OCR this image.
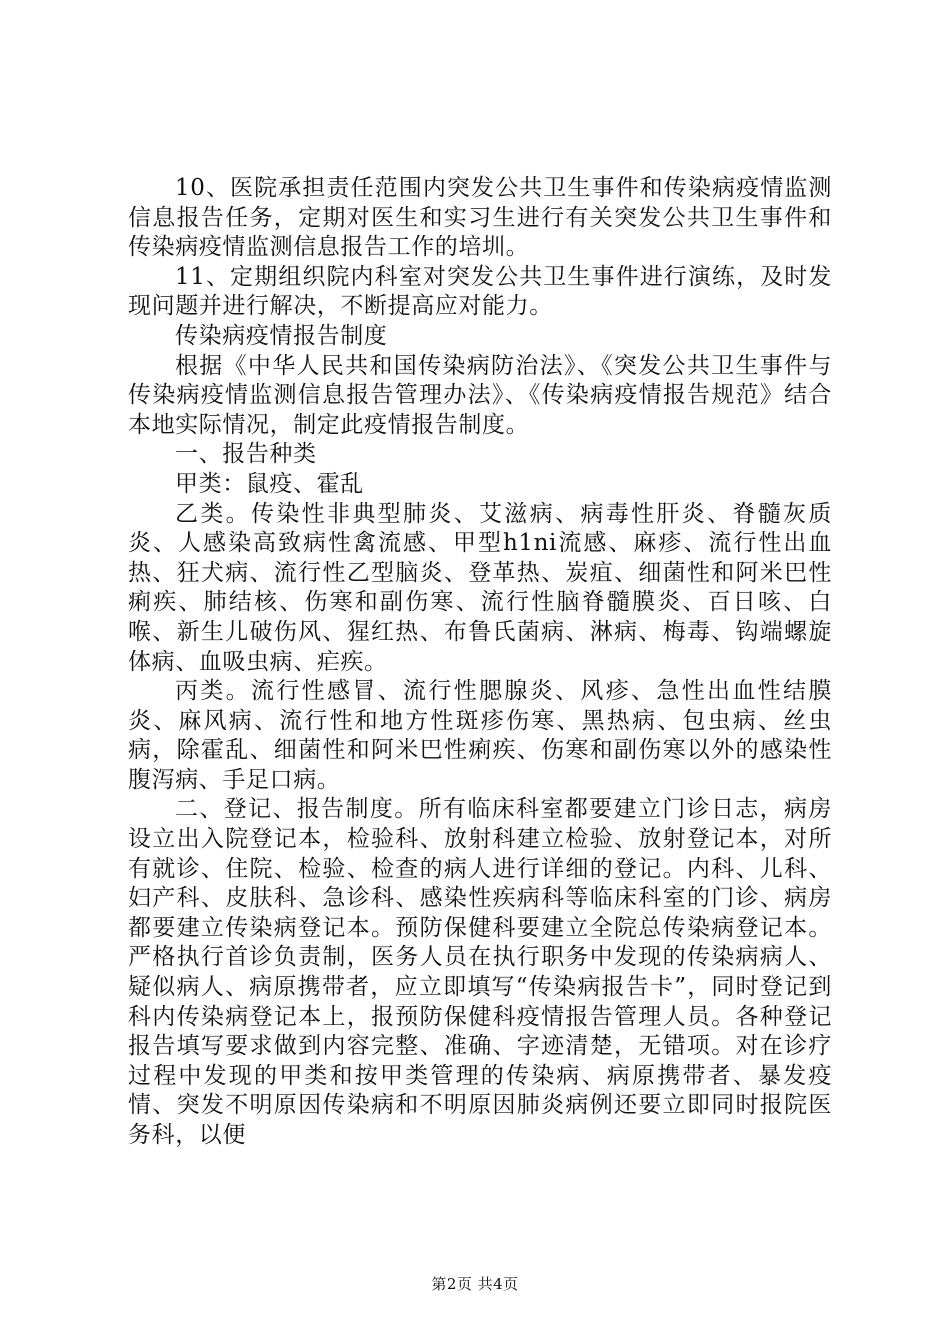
10、医院承担责任范围内突发公共卫生事件和传染病疫情监测信息报告任务，定期对医生和实习生进行有关突发公共卫生事件和传染病疫情监测信息报告工作的培圳。

11、定期组织院内科室对突发公共卫生事件进行演练，及时发现问题并进行解决，不断提高应对能力。

传染病疫情报告制度

根据《中华人民共和国传染病防治法》、《突发公共卫生事件与传染病疫情监测信息报告管理办法》、《传染病疫情报告规范》结合本地实际情况，制定此疫情报告制度。

一、报告种类

甲类：鼠疫、霍乱

乙类。传染性非典型肺炎、艾滋病、病毒性肝炎、脊髓灰质炎、人感染高致病性禽流感、甲型h1ni流感、麻疹、流行性出血热、狂犬病、流行性乙型脑炎、登革热、炭疽、细菌性和阿米巴性痢疾、肺结核、伤寒和副伤寒、流行性脑脊髓膜炎、百日咳、白喉、新生儿破伤风、猩红热、布鲁氏菌病、淋病、梅毒、钩端螺旋体病、血吸虫病、疟疾。

丙类。流行性感冒、流行性腮腺炎、风疹、急性出血性结膜炎、麻风病、流行性和地方性斑疹伤寒、黑热病、包虫病、丝虫病，除霍乱、细菌性和阿米巴性痢疾、伤寒和副伤寒以外的感染性腹泻病、手足口病。

二、登记、报告制度。所有临床科室都要建立门诊日志，病房设立出入院登记本，检验科、放射科建立检验、放射登记本，对所有就诊、住院、检验、检查的病人进行详细的登记。内科、儿科、妇产科、皮肤科、急诊科、感染性疾病科等临床科室的门诊、病房都要建立传染病登记本。预防保健科要建立全院总传染病登记本。严格执行首诊负责制，医务人员在执行职务中发现的传染病病人、疑似病人、病原携带者，应立即填写“传染病报告卡”，同时登记到科内传染病登记本上，报预防保健科疫情报告管理人员。各种登记报告填写要求做到内容完整、准确、字迹清楚，无错项。对在诊疗过程中发现的甲类和按甲类管理的传染病、病原携带者、暴发疫情、突发不明原因传染病和不明原因肺炎病例还要立即同时报院医务科，以便

第2页 共4页
